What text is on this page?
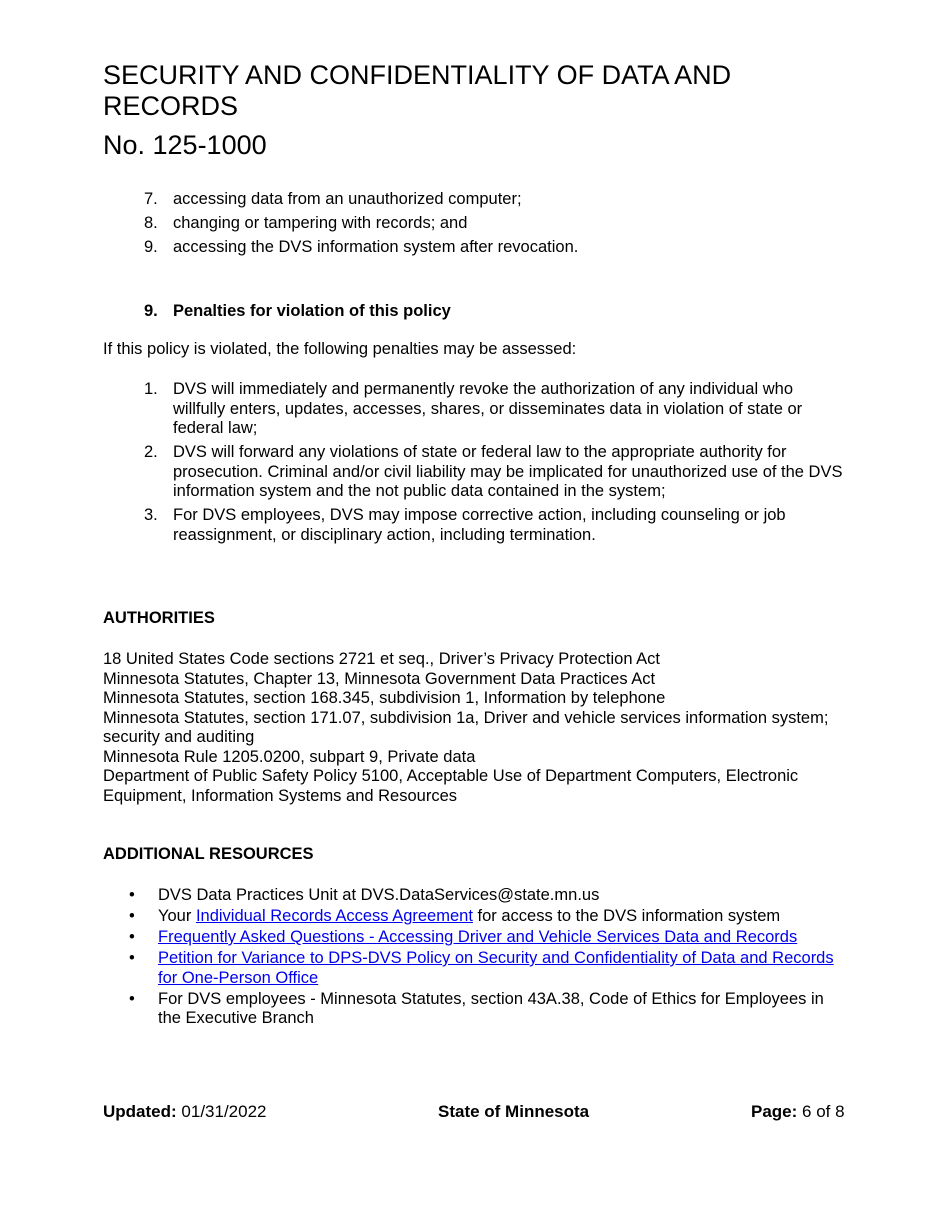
SECURITY AND CONFIDENTIALITY OF DATA AND RECORDS
No. 125-1000
7. accessing data from an unauthorized computer;
8. changing or tampering with records; and
9. accessing the DVS information system after revocation.
9. Penalties for violation of this policy

If this policy is violated, the following penalties may be assessed:

1. DVS will immediately and permanently revoke the authorization of any individual who willfully enters, updates, accesses, shares, or disseminates data in violation of state or federal law;
2. DVS will forward any violations of state or federal law to the appropriate authority for prosecution. Criminal and/or civil liability may be implicated for unauthorized use of the DVS information system and the not public data contained in the system;
3. For DVS employees, DVS may impose corrective action, including counseling or job reassignment, or disciplinary action, including termination.
AUTHORITIES
18 United States Code sections 2721 et seq., Driver’s Privacy Protection Act
Minnesota Statutes, Chapter 13, Minnesota Government Data Practices Act
Minnesota Statutes, section 168.345, subdivision 1, Information by telephone
Minnesota Statutes, section 171.07, subdivision 1a, Driver and vehicle services information system; security and auditing
Minnesota Rule 1205.0200, subpart 9, Private data
Department of Public Safety Policy 5100, Acceptable Use of Department Computers, Electronic Equipment, Information Systems and Resources
ADDITIONAL RESOURCES
• DVS Data Practices Unit at DVS.DataServices@state.mn.us
• Your Individual Records Access Agreement for access to the DVS information system
• Frequently Asked Questions - Accessing Driver and Vehicle Services Data and Records
• Petition for Variance to DPS-DVS Policy on Security and Confidentiality of Data and Records for One-Person Office
• For DVS employees - Minnesota Statutes, section 43A.38, Code of Ethics for Employees in the Executive Branch
Updated: 01/31/2022	State of Minnesota	Page: 6 of 8
